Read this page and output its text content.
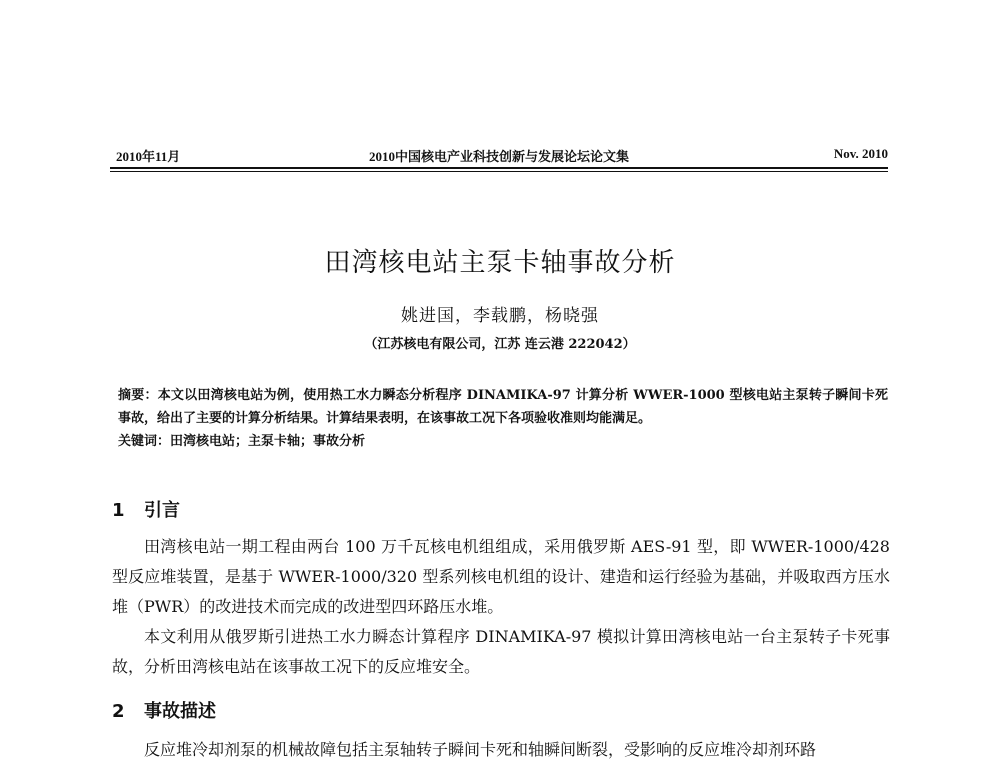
2010年11月	2010中国核电产业科技创新与发展论坛论文集	Nov. 2010
田湾核电站主泵卡轴事故分析
姚进国，李载鹏，杨晓强
（江苏核电有限公司，江苏 连云港 222042）
摘要：本文以田湾核电站为例，使用热工水力瞬态分析程序 DINAMIKA-97 计算分析 WWER-1000 型核电站主泵转子瞬间卡死事故，给出了主要的计算分析结果。计算结果表明，在该事故工况下各项验收准则均能满足。
关键词：田湾核电站；主泵卡轴；事故分析
1 引言
田湾核电站一期工程由两台 100 万千瓦核电机组组成，采用俄罗斯 AES-91 型，即 WWER-1000/428 型反应堆装置，是基于 WWER-1000/320 型系列核电机组的设计、建造和运行经验为基础，并吸取西方压水堆（PWR）的改进技术而完成的改进型四环路压水堆。
本文利用从俄罗斯引进热工水力瞬态计算程序 DINAMIKA-97 模拟计算田湾核电站一台主泵转子卡死事故，分析田湾核电站在该事故工况下的反应堆安全。
2 事故描述
反应堆冷却剂泵的机械故障包括主泵轴转子瞬间卡死和轴瞬间断裂，受影响的反应堆冷却剂环路
